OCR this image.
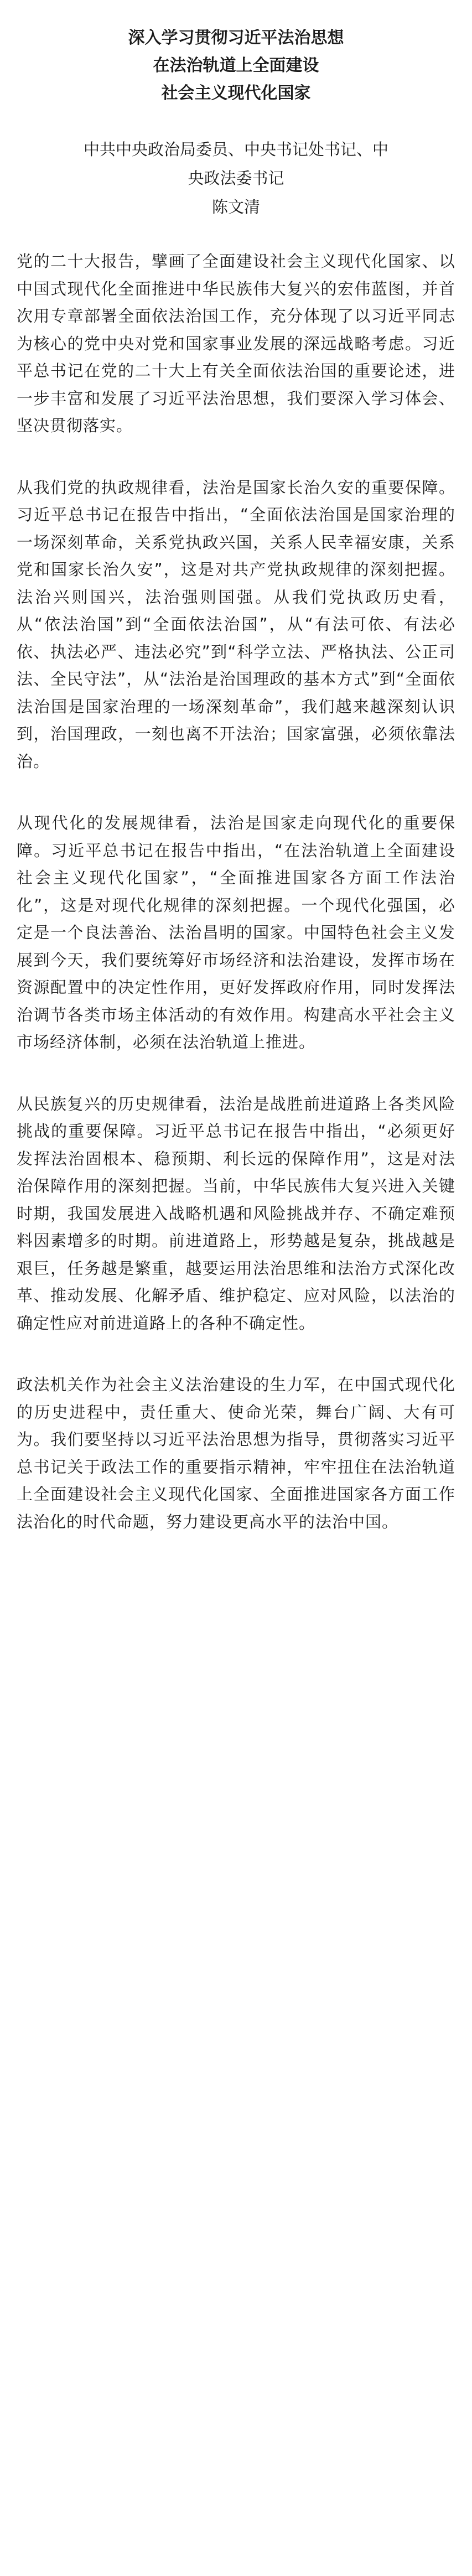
深入学习贯彻习近平法治思想
在法治轨道上全面建设
社会主义现代化国家
中共中央政治局委员、中央书记处书记、中
央政法委书记
陈文清

党的二十大报告，擘画了全面建设社会主义现代化国家、以中国式现代化全面推进中华民族伟大复兴的宏伟蓝图，并首次用专章部署全面依法治国工作，充分体现了以习近平同志为核心的党中央对党和国家事业发展的深远战略考虑。习近平总书记在党的二十大上有关全面依法治国的重要论述，进一步丰富和发展了习近平法治思想，我们要深入学习体会、坚决贯彻落实。

从我们党的执政规律看，法治是国家长治久安的重要保障。习近平总书记在报告中指出，“全面依法治国是国家治理的一场深刻革命，关系党执政兴国，关系人民幸福安康，关系党和国家长治久安”，这是对共产党执政规律的深刻把握。法治兴则国兴，法治强则国强。从我们党执政历史看，从“依法治国”到“全面依法治国”，从“有法可依、有法必依、执法必严、违法必究”到“科学立法、严格执法、公正司法、全民守法”，从“法治是治国理政的基本方式”到“全面依法治国是国家治理的一场深刻革命”，我们越来越深刻认识到，治国理政，一刻也离不开法治；国家富强，必须依靠法治。

从现代化的发展规律看，法治是国家走向现代化的重要保障。习近平总书记在报告中指出，“在法治轨道上全面建设社会主义现代化国家”，“全面推进国家各方面工作法治化”，这是对现代化规律的深刻把握。一个现代化强国，必定是一个良法善治、法治昌明的国家。中国特色社会主义发展到今天，我们要统筹好市场经济和法治建设，发挥市场在资源配置中的决定性作用，更好发挥政府作用，同时发挥法治调节各类市场主体活动的有效作用。构建高水平社会主义市场经济体制，必须在法治轨道上推进。

从民族复兴的历史规律看，法治是战胜前进道路上各类风险挑战的重要保障。习近平总书记在报告中指出，“必须更好发挥法治固根本、稳预期、利长远的保障作用”，这是对法治保障作用的深刻把握。当前，中华民族伟大复兴进入关键时期，我国发展进入战略机遇和风险挑战并存、不确定难预料因素增多的时期。前进道路上，形势越是复杂，挑战越是艰巨，任务越是繁重，越要运用法治思维和法治方式深化改革、推动发展、化解矛盾、维护稳定、应对风险，以法治的确定性应对前进道路上的各种不确定性。

政法机关作为社会主义法治建设的生力军，在中国式现代化的历史进程中，责任重大、使命光荣，舞台广阔、大有可为。我们要坚持以习近平法治思想为指导，贯彻落实习近平总书记关于政法工作的重要指示精神，牢牢扭住在法治轨道上全面建设社会主义现代化国家、全面推进国家各方面工作法治化的时代命题，努力建设更高水平的法治中国。
